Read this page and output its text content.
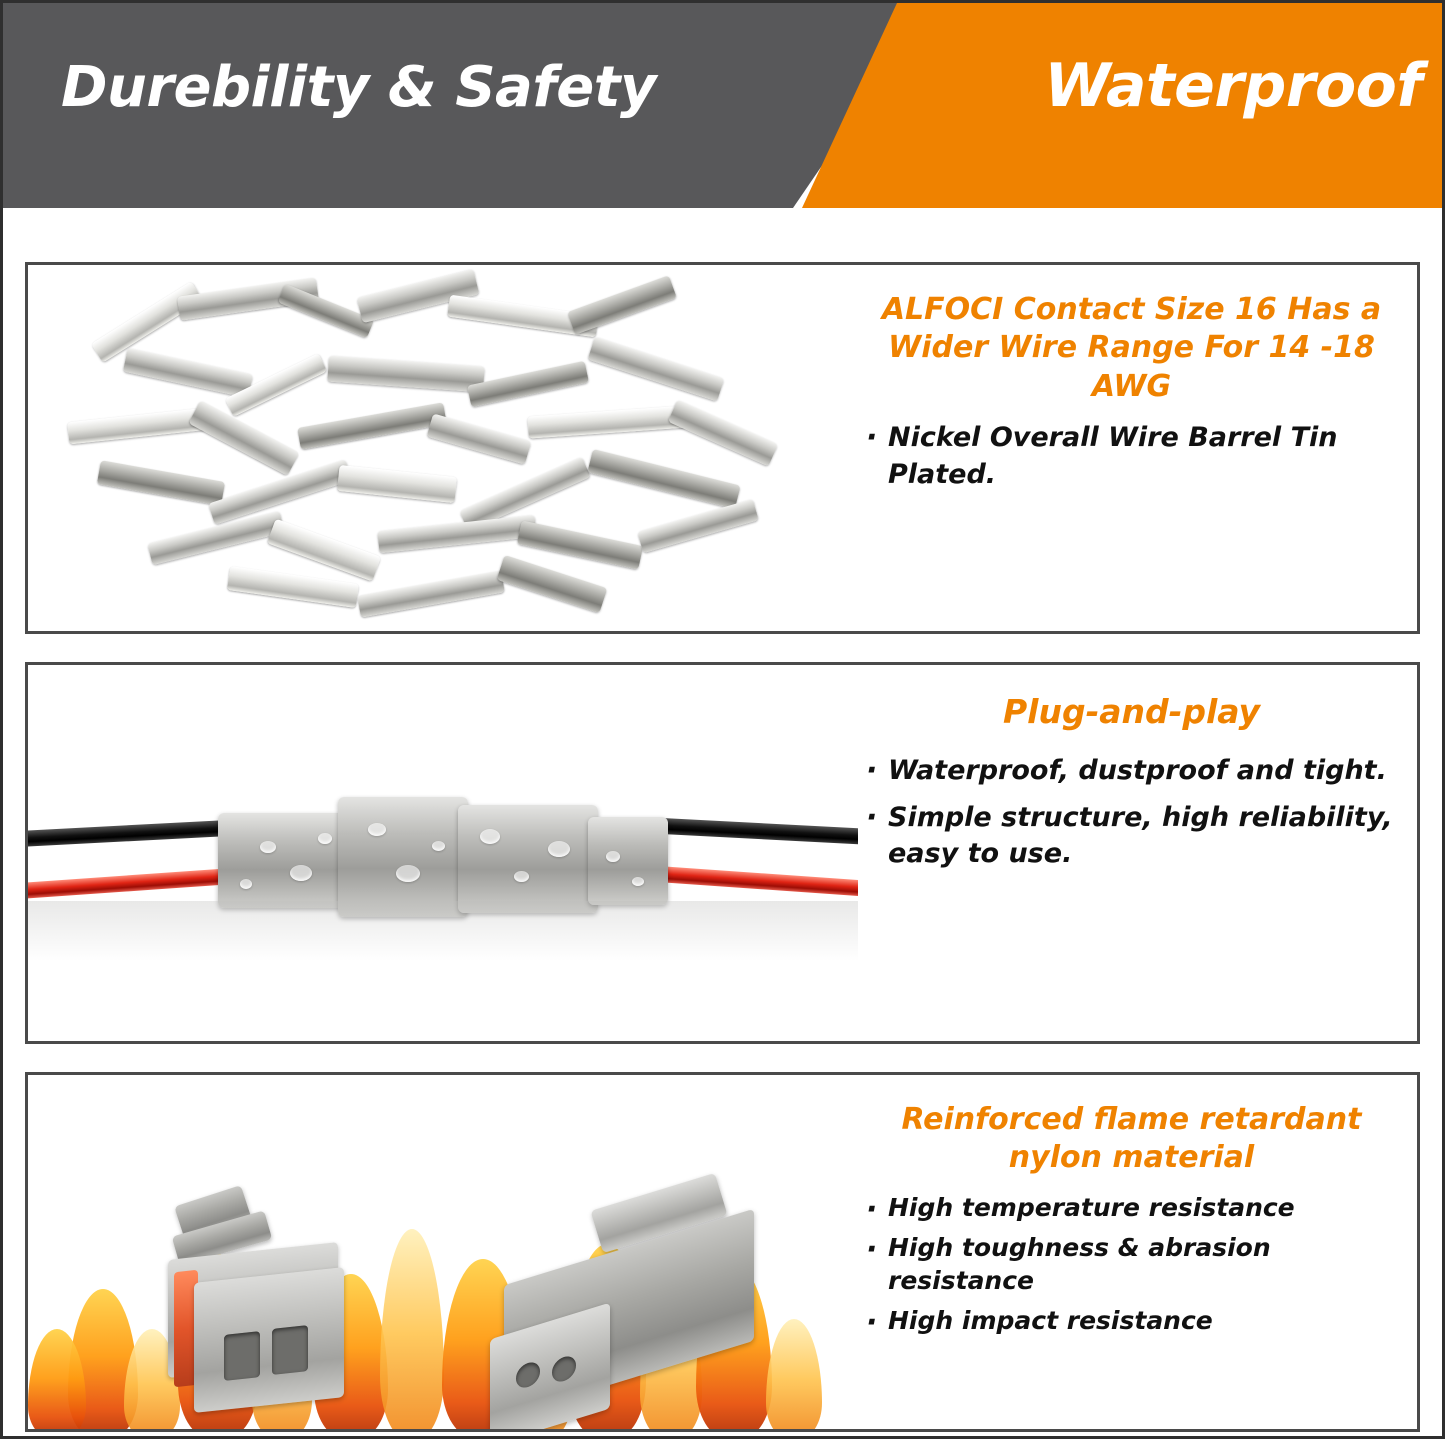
Durebility & Safety	Waterproof

ALFOCI Contact Size 16 Has a Wider Wire Range For 14 -18 AWG

· Nickel Overall Wire Barrel Tin Plated.

Plug-and-play

· Waterproof, dustproof and tight.
· Simple structure, high reliability, easy to use.

Reinforced flame retardant nylon material

· High temperature resistance
· High toughness & abrasion resistance
· High impact resistance
